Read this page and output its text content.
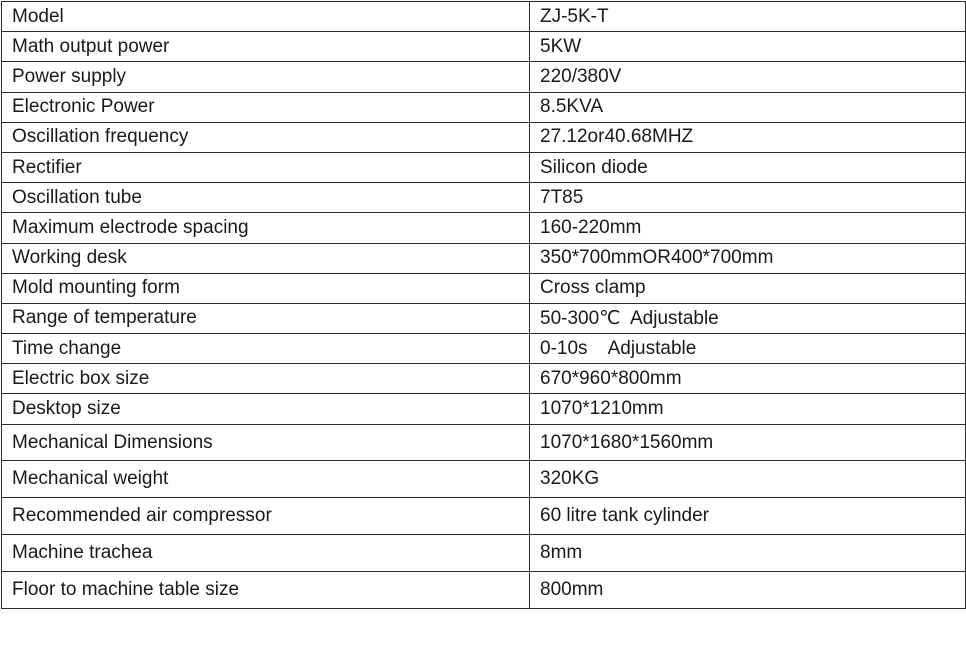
Model	ZJ-5K-T
Math output power	5KW
Power supply	220/380V
Electronic Power	8.5KVA
Oscillation frequency	27.12or40.68MHZ
Rectifier	Silicon diode
Oscillation tube	7T85
Maximum electrode spacing	160-220mm
Working desk	350*700mmOR400*700mm
Mold mounting form	Cross clamp
Range of temperature	50-300℃  Adjustable
Time change	0-10s    Adjustable
Electric box size	670*960*800mm
Desktop size	1070*1210mm
Mechanical Dimensions	1070*1680*1560mm
Mechanical weight	320KG
Recommended air compressor	60 litre tank cylinder
Machine trachea	8mm
Floor to machine table size	800mm
